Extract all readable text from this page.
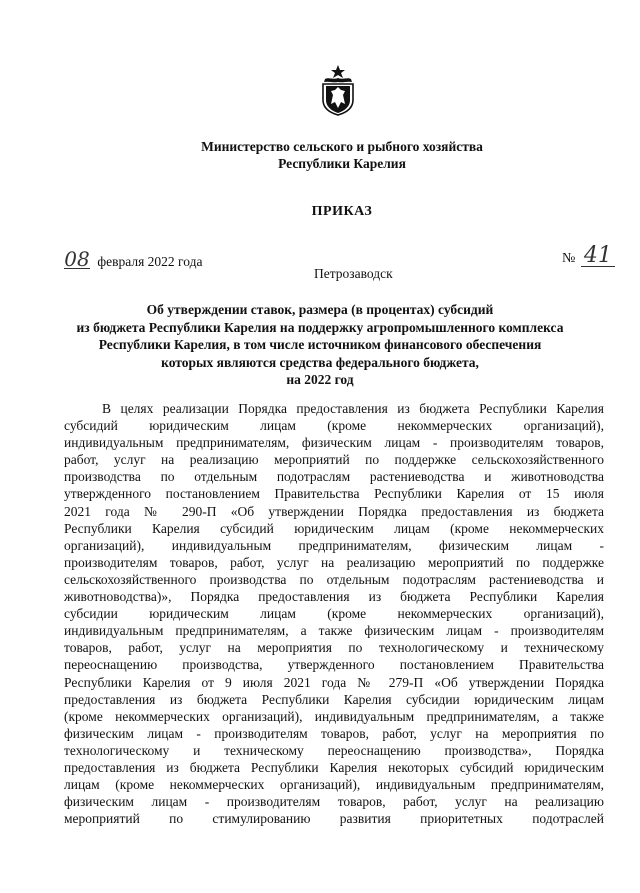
Министерство сельского и рыбного хозяйства
Республики Карелия
ПРИКАЗ
08 февраля 2022 года	№ 41
Петрозаводск
Об утверждении ставок, размера (в процентах) субсидий
из бюджета Республики Карелия на поддержку агропромышленного комплекса
Республики Карелия, в том числе источником финансового обеспечения
которых являются средства федерального бюджета,
на 2022 год
В целях реализации Порядка предоставления из бюджета Республики Карелия
субсидий юридическим лицам (кроме некоммерческих организаций),
индивидуальным предпринимателям, физическим лицам - производителям товаров,
работ, услуг на реализацию мероприятий по поддержке сельскохозяйственного
производства по отдельным подотраслям растениеводства и животноводства
утвержденного постановлением Правительства Республики Карелия от 15 июля
2021 года № 290-П «Об утверждении Порядка предоставления из бюджета
Республики Карелия субсидий юридическим лицам (кроме некоммерческих
организаций), индивидуальным предпринимателям, физическим лицам -
производителям товаров, работ, услуг на реализацию мероприятий по поддержке
сельскохозяйственного производства по отдельным подотраслям растениеводства и
животноводства)», Порядка предоставления из бюджета Республики Карелия
субсидии юридическим лицам (кроме некоммерческих организаций),
индивидуальным предпринимателям, а также физическим лицам - производителям
товаров, работ, услуг на мероприятия по технологическому и техническому
переоснащению производства, утвержденного постановлением Правительства
Республики Карелия от 9 июля 2021 года № 279-П «Об утверждении Порядка
предоставления из бюджета Республики Карелия субсидии юридическим лицам
(кроме некоммерческих организаций), индивидуальным предпринимателям, а также
физическим лицам - производителям товаров, работ, услуг на мероприятия по
технологическому и техническому переоснащению производства», Порядка
предоставления из бюджета Республики Карелия некоторых субсидий юридическим
лицам (кроме некоммерческих организаций), индивидуальным предпринимателям,
физическим лицам - производителям товаров, работ, услуг на реализацию
мероприятий по стимулированию развития приоритетных подотраслей
